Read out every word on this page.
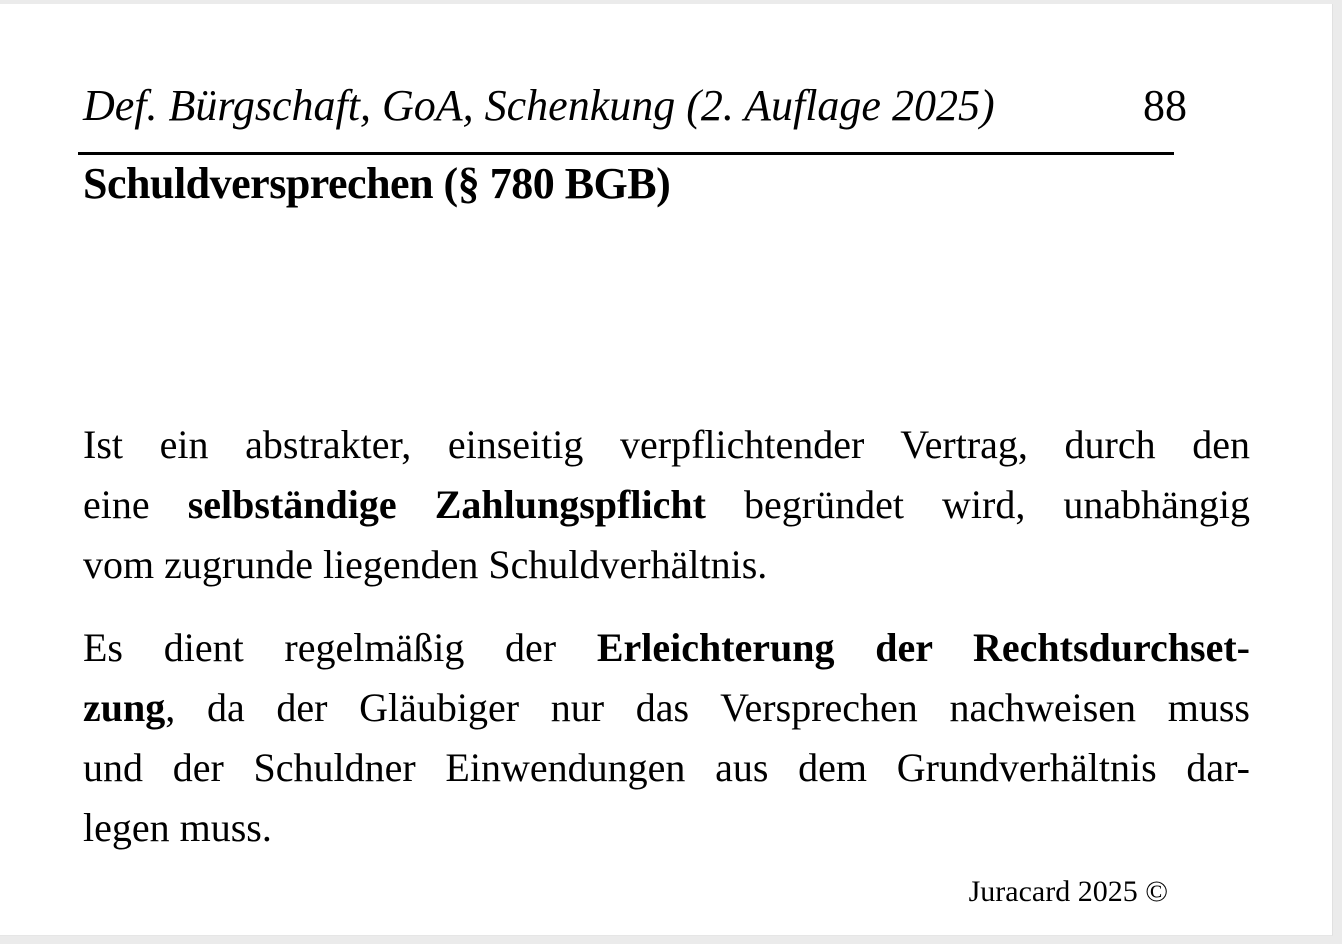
Def. Bürgschaft, GoA, Schenkung (2. Auflage 2025)	88
Schuldversprechen (§ 780 BGB)
Ist ein abstrakter, einseitig verpflichtender Vertrag, durch den
eine selbständige Zahlungspflicht begründet wird, unabhängig
vom zugrunde liegenden Schuldverhältnis.
Es dient regelmäßig der Erleichterung der Rechtsdurchset-
zung, da der Gläubiger nur das Versprechen nachweisen muss
und der Schuldner Einwendungen aus dem Grundverhältnis dar-
legen muss.
Juracard 2025 ©
